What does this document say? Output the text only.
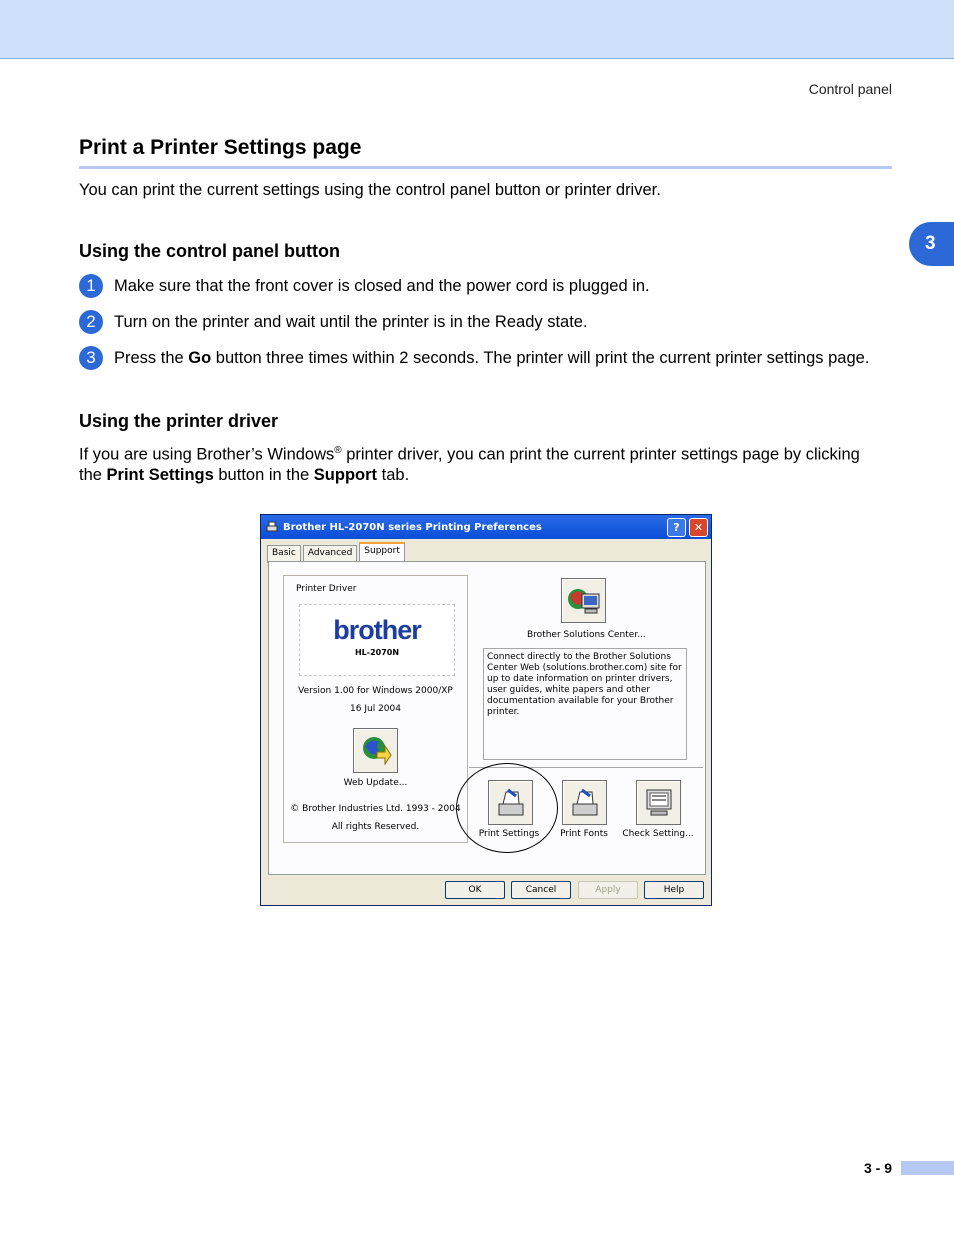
Control panel
3
Print a Printer Settings page
You can print the current settings using the control panel button or printer driver.
Using the control panel button
1	Make sure that the front cover is closed and the power cord is plugged in.
2	Turn on the printer and wait until the printer is in the Ready state.
3	Press the Go button three times within 2 seconds. The printer will print the current printer settings page.
Using the printer driver
If you are using Brother’s Windows® printer driver, you can print the current printer settings page by clicking
the Print Settings button in the Support tab.
Brother HL-2070N series Printing Preferences	?	✕
Basic	Advanced	Support
Printer Driver
brother
HL-2070N
Version 1.00 for Windows 2000/XP
16 Jul 2004
Web Update...
© Brother Industries Ltd. 1993 - 2004
All rights Reserved.
Brother Solutions Center...
Connect directly to the Brother Solutions Center Web (solutions.brother.com) site for up to date information on printer drivers, user guides, white papers and other documentation available for your Brother printer.
Print Settings	Print Fonts	Check Setting...
OK	Cancel	Apply	Help
3 - 9
